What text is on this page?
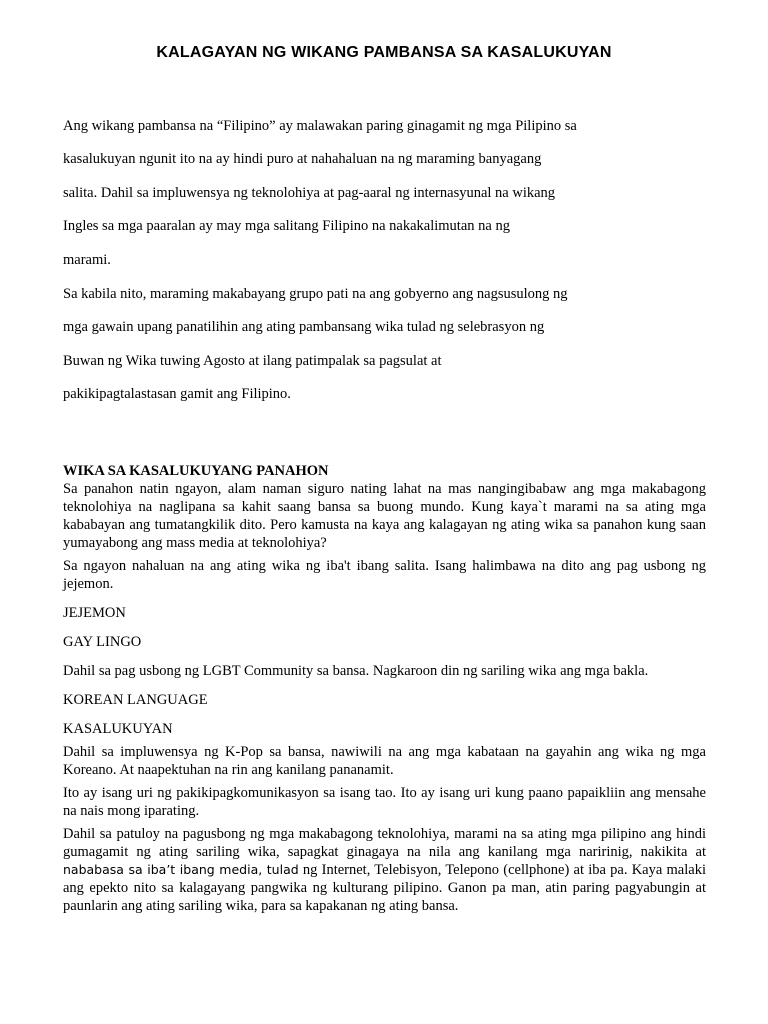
KALAGAYAN NG WIKANG PAMBANSA SA KASALUKUYAN

Ang wikang pambansa na “Filipino” ay malawakan paring ginagamit ng mga Pilipino sa

kasalukuyan ngunit ito na ay hindi puro at nahahaluan na ng maraming banyagang

salita. Dahil sa impluwensya ng teknolohiya at pag-aaral ng internasyunal na wikang

Ingles sa mga paaralan ay may mga salitang Filipino na nakakalimutan na ng

marami.

Sa kabila nito, maraming makabayang grupo pati na ang gobyerno ang nagsusulong ng

mga gawain upang panatilihin ang ating pambansang wika tulad ng selebrasyon ng

Buwan ng Wika tuwing Agosto at ilang patimpalak sa pagsulat at

pakikipagtalastasan gamit ang Filipino.

WIKA SA KASALUKUYANG PANAHON

Sa panahon natin ngayon, alam naman siguro nating lahat na mas nangingibabaw ang mga makabagong teknolohiya na naglipana sa kahit saang bansa sa buong mundo. Kung kaya`t marami na sa ating mga kababayan ang tumatangkilik dito. Pero kamusta na kaya ang kalagayan ng ating wika sa panahon kung saan yumayabong ang mass media at teknolohiya?

Sa ngayon nahaluan na ang ating wika ng iba't ibang salita. Isang halimbawa na dito ang pag usbong ng jejemon.

JEJEMON

GAY LINGO

Dahil sa pag usbong ng LGBT Community sa bansa. Nagkaroon din ng sariling wika ang mga bakla.

KOREAN LANGUAGE

KASALUKUYAN

Dahil sa impluwensya ng K-Pop sa bansa, nawiwili na ang mga kabataan na gayahin ang wika ng mga Koreano. At naapektuhan na rin ang kanilang pananamit.

Ito ay isang uri ng pakikipagkomunikasyon sa isang tao. Ito ay isang uri kung paano papaikliin ang mensahe na nais mong iparating.

Dahil sa patuloy na pagusbong ng mga makabagong teknolohiya, marami na sa ating mga pilipino ang hindi gumagamit ng ating sariling wika, sapagkat ginagaya na nila ang kanilang mga naririnig, nakikita at nababasa sa iba’t ibang media, tulad ng Internet, Telebisyon, Telepono (cellphone) at iba pa. Kaya malaki ang epekto nito sa kalagayang pangwika ng kulturang pilipino. Ganon pa man, atin paring pagyabungin at paunlarin ang ating sariling wika, para sa kapakanan ng ating bansa.
